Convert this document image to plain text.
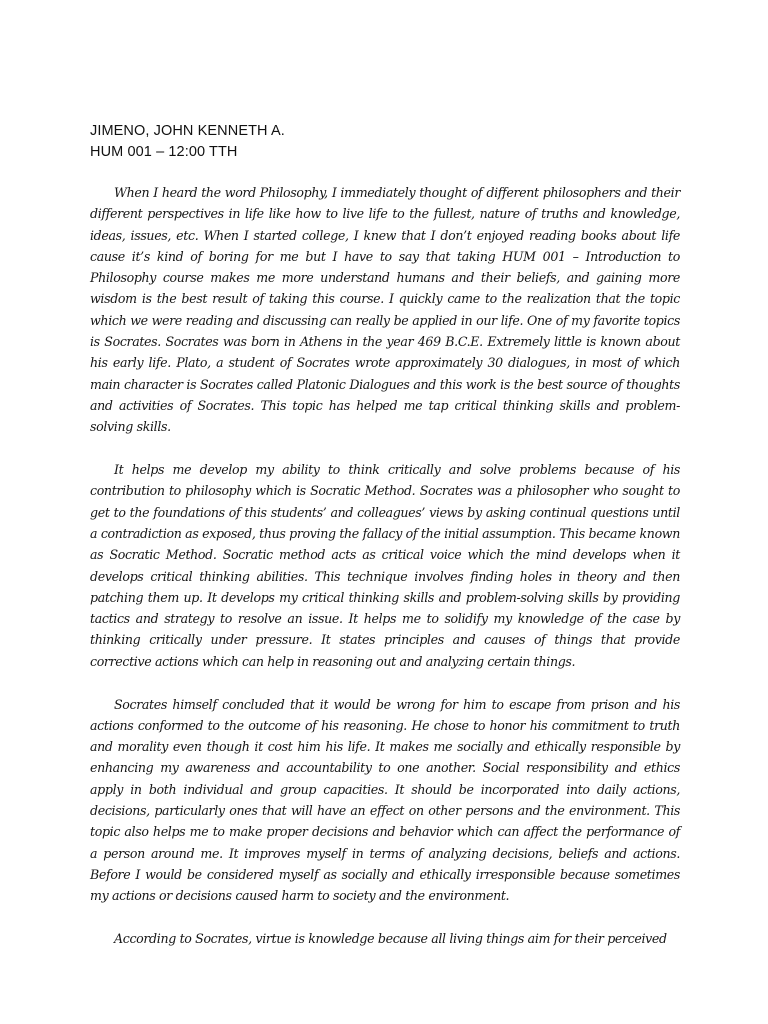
JIMENO, JOHN KENNETH A.
HUM 001 – 12:00 TTH

When I heard the word Philosophy, I immediately thought of different philosophers and their different perspectives in life like how to live life to the fullest, nature of truths and knowledge, ideas, issues, etc. When I started college, I knew that I don’t enjoyed reading books about life cause it’s kind of boring for me but I have to say that taking HUM 001 – Introduction to Philosophy course makes me more understand humans and their beliefs, and gaining more wisdom is the best result of taking this course. I quickly came to the realization that the topic which we were reading and discussing can really be applied in our life. One of my favorite topics is Socrates. Socrates was born in Athens in the year 469 B.C.E. Extremely little is known about his early life. Plato, a student of Socrates wrote approximately 30 dialogues, in most of which main character is Socrates called Platonic Dialogues and this work is the best source of thoughts and activities of Socrates. This topic has helped me tap critical thinking skills and problem-solving skills.

It helps me develop my ability to think critically and solve problems because of his contribution to philosophy which is Socratic Method. Socrates was a philosopher who sought to get to the foundations of this students’ and colleagues’ views by asking continual questions until a contradiction as exposed, thus proving the fallacy of the initial assumption. This became known as Socratic Method. Socratic method acts as critical voice which the mind develops when it develops critical thinking abilities. This technique involves finding holes in theory and then patching them up. It develops my critical thinking skills and problem-solving skills by providing tactics and strategy to resolve an issue. It helps me to solidify my knowledge of the case by thinking critically under pressure. It states principles and causes of things that provide corrective actions which can help in reasoning out and analyzing certain things.

Socrates himself concluded that it would be wrong for him to escape from prison and his actions conformed to the outcome of his reasoning. He chose to honor his commitment to truth and morality even though it cost him his life. It makes me socially and ethically responsible by enhancing my awareness and accountability to one another. Social responsibility and ethics apply in both individual and group capacities. It should be incorporated into daily actions, decisions, particularly ones that will have an effect on other persons and the environment. This topic also helps me to make proper decisions and behavior which can affect the performance of a person around me. It improves myself in terms of analyzing decisions, beliefs and actions. Before I would be considered myself as socially and ethically irresponsible because sometimes my actions or decisions caused harm to society and the environment.

According to Socrates, virtue is knowledge because all living things aim for their perceived
